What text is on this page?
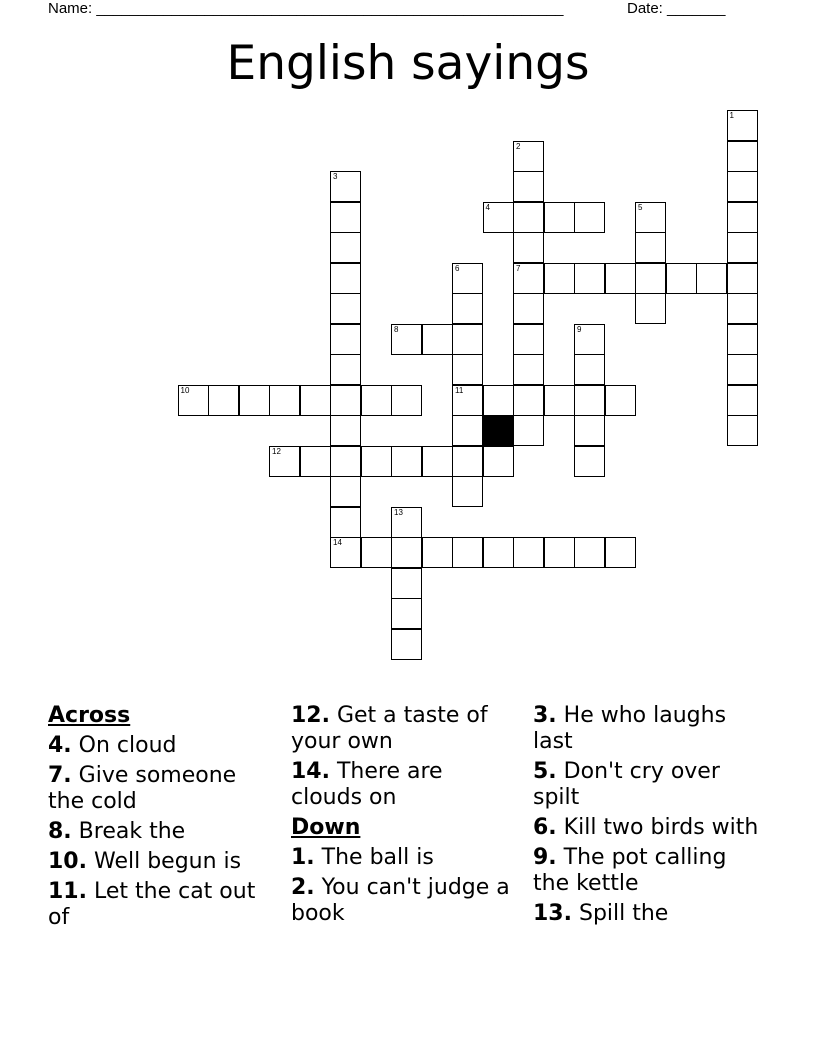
Name: ________________________________________________________	Date: _______
English sayings
1
2
7
3
14
4	5
6
11
8	9
10
12
13
Across
4. On cloud
7. Give someone the cold
8. Break the
10. Well begun is
11. Let the cat out of
12. Get a taste of your own
14. There are clouds on
Down
1. The ball is
2. You can't judge a book
3. He who laughs last
5. Don't cry over spilt
6. Kill two birds with
9. The pot calling the kettle
13. Spill the
